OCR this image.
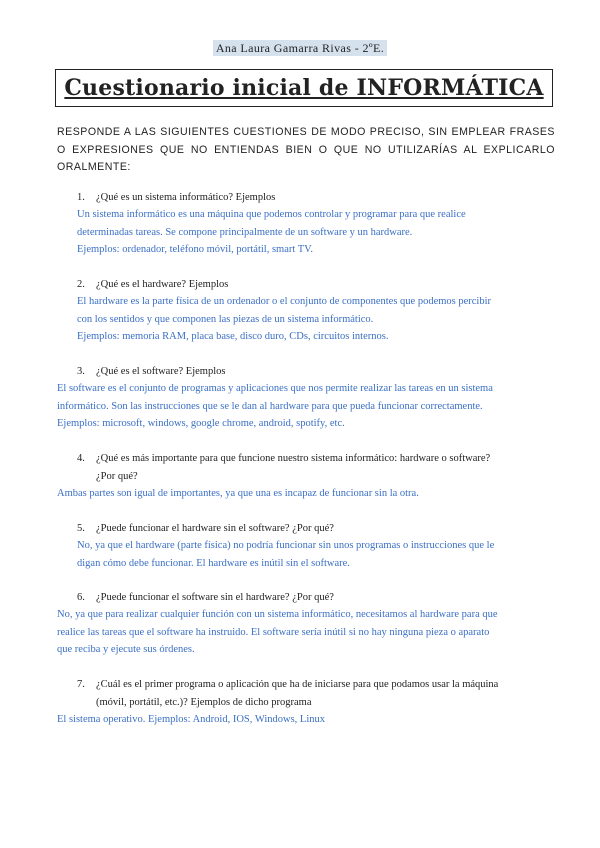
Ana Laura Gamarra Rivas - 2ºE.
Cuestionario inicial de INFORMÁTICA
RESPONDE A LAS SIGUIENTES CUESTIONES DE MODO PRECISO, SIN EMPLEAR FRASES O EXPRESIONES QUE NO ENTIENDAS BIEN O QUE NO UTILIZARÍAS AL EXPLICARLO ORALMENTE:
1. ¿Qué es un sistema informático? Ejemplos
Un sistema informático es una máquina que podemos controlar y programar para que realice
determinadas tareas. Se compone principalmente de un software y un hardware.
Ejemplos: ordenador, teléfono móvil, portátil, smart TV.
2. ¿Qué es el hardware? Ejemplos
El hardware es la parte física de un ordenador o el conjunto de componentes que podemos percibir
con los sentidos y que componen las piezas de un sistema informático.
Ejemplos: memoria RAM, placa base, disco duro, CDs, circuitos internos.
3. ¿Qué es el software? Ejemplos
El software es el conjunto de programas y aplicaciones que nos permite realizar las tareas en un sistema
informático. Son las instrucciones que se le dan al hardware para que pueda funcionar correctamente.
Ejemplos: microsoft, windows, google chrome, android, spotify, etc.
4. ¿Qué es más importante para que funcione nuestro sistema informático: hardware o software?
¿Por qué?
Ambas partes son igual de importantes, ya que una es incapaz de funcionar sin la otra.
5. ¿Puede funcionar el hardware sin el software? ¿Por qué?
No, ya que el hardware (parte física) no podría funcionar sin unos programas o instrucciones que le
digan cómo debe funcionar. El hardware es inútil sin el software.
6. ¿Puede funcionar el software sin el hardware? ¿Por qué?
No, ya que para realizar cualquier función con un sistema informático, necesitamos al hardware para que
realice las tareas que el software ha instruido. El software sería inútil si no hay ninguna pieza o aparato
que reciba y ejecute sus órdenes.
7. ¿Cuál es el primer programa o aplicación que ha de iniciarse para que podamos usar la máquina
(móvil, portátil, etc.)? Ejemplos de dicho programa
El sistema operativo. Ejemplos: Android, IOS, Windows, Linux
